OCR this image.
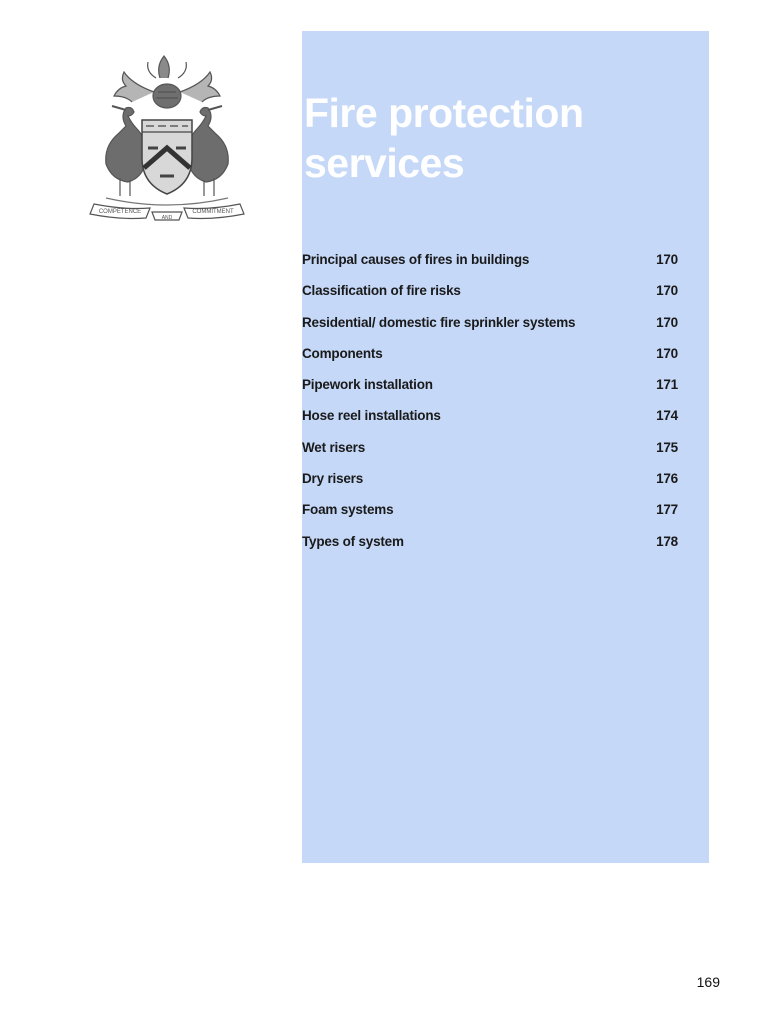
COMPETENCE
AND
COMMITMENT
Fire protection
services
Principal causes of fires in buildings	170
Classification of fire risks	170
Residential/ domestic fire sprinkler systems	170
Components	170
Pipework installation	171
Hose reel installations	174
Wet risers	175
Dry risers	176
Foam systems	177
Types of system	178
169
